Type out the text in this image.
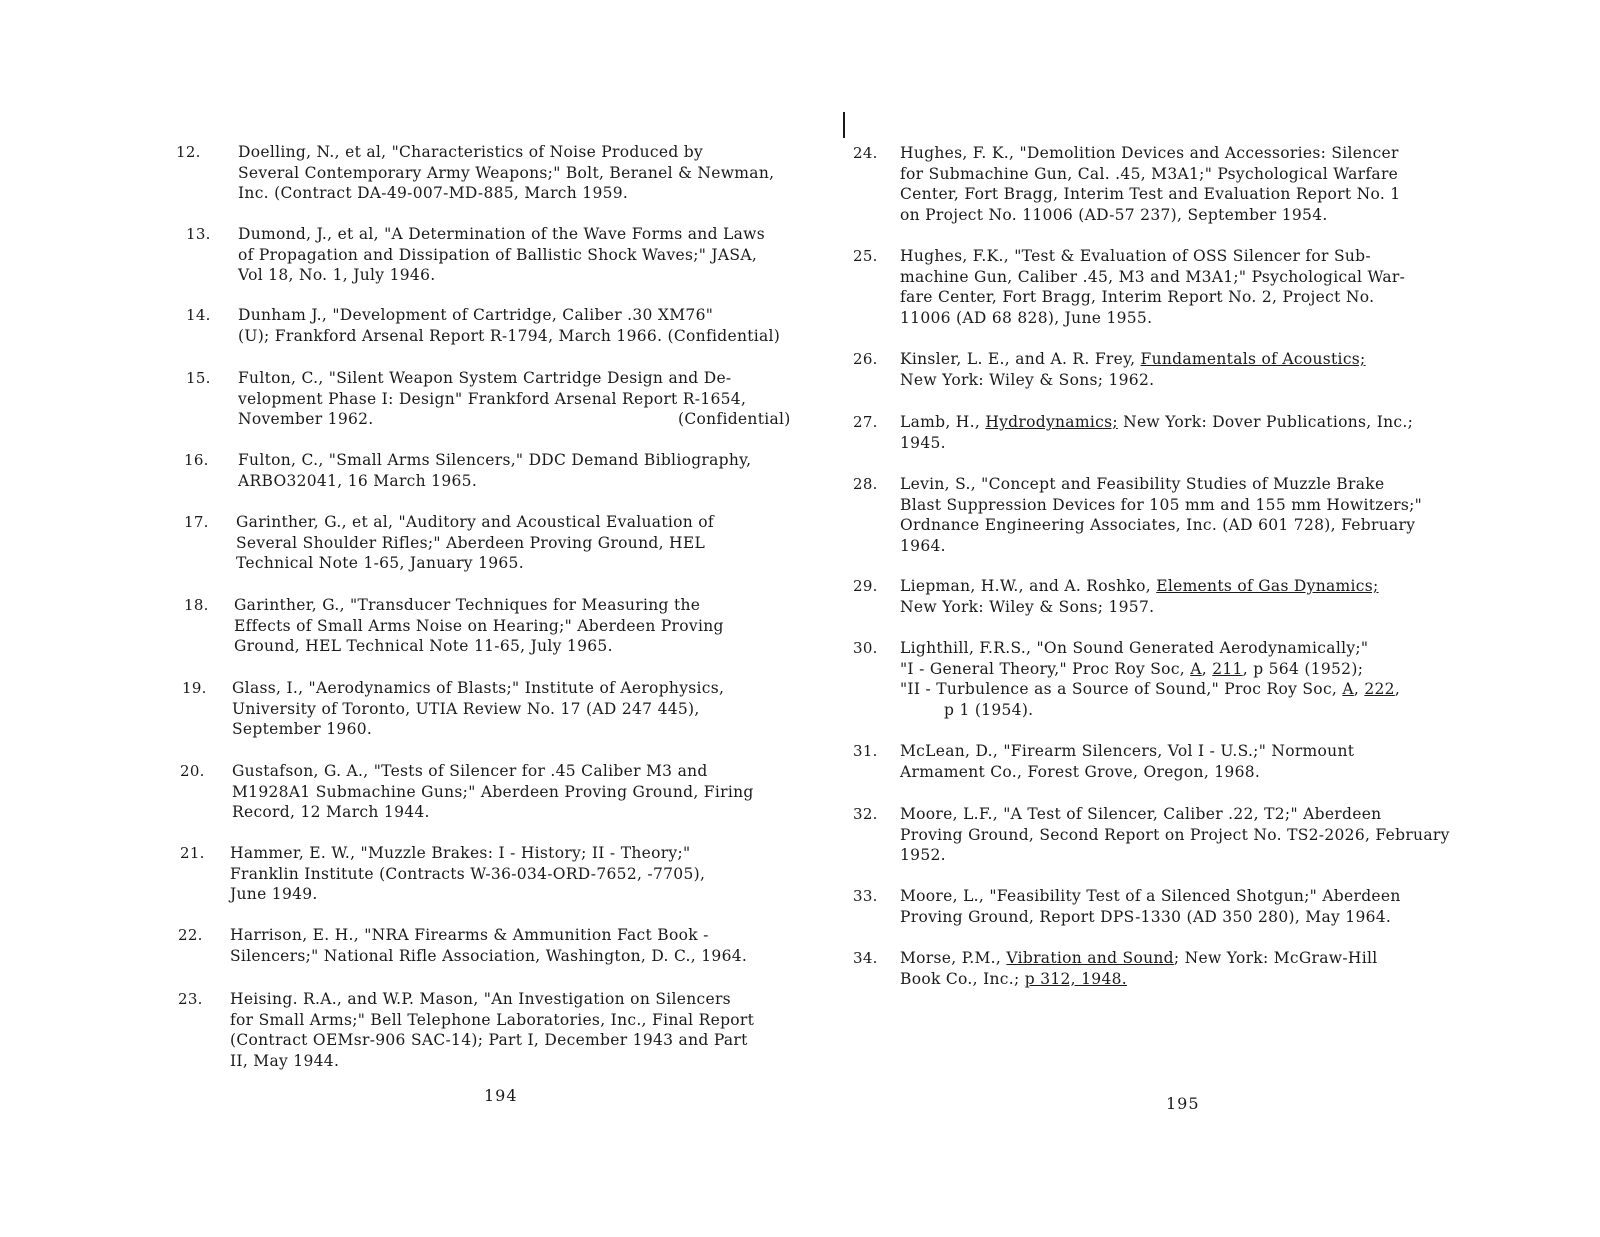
12.	Doelling, N., et al, "Characteristics of Noise Produced by
Several Contemporary Army Weapons;" Bolt, Beranel & Newman,
Inc. (Contract DA-49-007-MD-885, March 1959.
13.	Dumond, J., et al, "A Determination of the Wave Forms and Laws
of Propagation and Dissipation of Ballistic Shock Waves;" JASA,
Vol 18, No. 1, July 1946.
14.	Dunham J., "Development of Cartridge, Caliber .30 XM76"
(U); Frankford Arsenal Report R-1794, March 1966. (Confidential)
15.	Fulton, C., "Silent Weapon System Cartridge Design and De-
velopment Phase I: Design" Frankford Arsenal Report R-1654,
November 1962.	(Confidential)
16.	Fulton, C., "Small Arms Silencers," DDC Demand Bibliography,
ARBO32041, 16 March 1965.
17.	Garinther, G., et al, "Auditory and Acoustical Evaluation of
Several Shoulder Rifles;" Aberdeen Proving Ground, HEL
Technical Note 1-65, January 1965.
18.	Garinther, G., "Transducer Techniques for Measuring the
Effects of Small Arms Noise on Hearing;" Aberdeen Proving
Ground, HEL Technical Note 11-65, July 1965.
19.	Glass, I., "Aerodynamics of Blasts;" Institute of Aerophysics,
University of Toronto, UTIA Review No. 17 (AD 247 445),
September 1960.
20.	Gustafson, G. A., "Tests of Silencer for .45 Caliber M3 and
M1928A1 Submachine Guns;" Aberdeen Proving Ground, Firing
Record, 12 March 1944.
21.	Hammer, E. W., "Muzzle Brakes: I - History; II - Theory;"
Franklin Institute (Contracts W-36-034-ORD-7652, -7705),
June 1949.
22.	Harrison, E. H., "NRA Firearms & Ammunition Fact Book -
Silencers;" National Rifle Association, Washington, D. C., 1964.
23.	Heising. R.A., and W.P. Mason, "An Investigation on Silencers
for Small Arms;" Bell Telephone Laboratories, Inc., Final Report
(Contract OEMsr-906 SAC-14); Part I, December 1943 and Part
II, May 1944.
194
24.	Hughes, F. K., "Demolition Devices and Accessories: Silencer
for Submachine Gun, Cal. .45, M3A1;" Psychological Warfare
Center, Fort Bragg, Interim Test and Evaluation Report No. 1
on Project No. 11006 (AD-57 237), September 1954.
25.	Hughes, F.K., "Test & Evaluation of OSS Silencer for Sub-
machine Gun, Caliber .45, M3 and M3A1;" Psychological War-
fare Center, Fort Bragg, Interim Report No. 2, Project No.
11006 (AD 68 828), June 1955.
26.	Kinsler, L. E., and A. R. Frey, Fundamentals of Acoustics;
New York: Wiley & Sons; 1962.
27.	Lamb, H., Hydrodynamics; New York: Dover Publications, Inc.;
1945.
28.	Levin, S., "Concept and Feasibility Studies of Muzzle Brake
Blast Suppression Devices for 105 mm and 155 mm Howitzers;"
Ordnance Engineering Associates, Inc. (AD 601 728), February
1964.
29.	Liepman, H.W., and A. Roshko, Elements of Gas Dynamics;
New York: Wiley & Sons; 1957.
30.	Lighthill, F.R.S., "On Sound Generated Aerodynamically;"
"I - General Theory," Proc Roy Soc, A, 211, p 564 (1952);
"II - Turbulence as a Source of Sound," Proc Roy Soc, A, 222,
p 1 (1954).
31.	McLean, D., "Firearm Silencers, Vol I - U.S.;" Normount
Armament Co., Forest Grove, Oregon, 1968.
32.	Moore, L.F., "A Test of Silencer, Caliber .22, T2;" Aberdeen
Proving Ground, Second Report on Project No. TS2-2026, February
1952.
33.	Moore, L., "Feasibility Test of a Silenced Shotgun;" Aberdeen
Proving Ground, Report DPS-1330 (AD 350 280), May 1964.
34.	Morse, P.M., Vibration and Sound; New York: McGraw-Hill
Book Co., Inc.; p 312, 1948.
195
